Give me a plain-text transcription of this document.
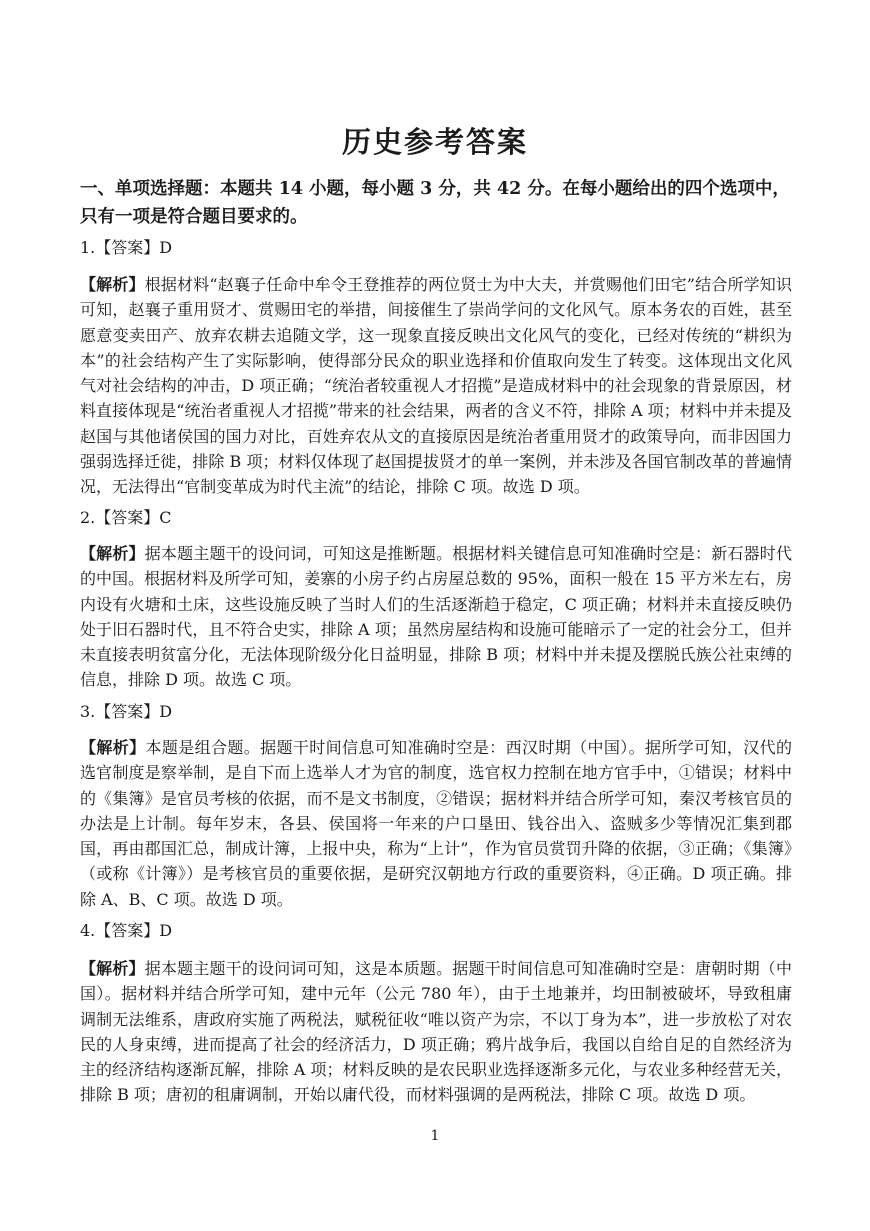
历史参考答案
一、单项选择题：本题共 14 小题，每小题 3 分，共 42 分。在每小题给出的四个选项中，只有一项是符合题目要求的。
1.【答案】D
【解析】根据材料“赵襄子任命中牟令王登推荐的两位贤士为中大夫，并赏赐他们田宅”结合所学知识可知，赵襄子重用贤才、赏赐田宅的举措，间接催生了崇尚学问的文化风气。原本务农的百姓，甚至愿意变卖田产、放弃农耕去追随文学，这一现象直接反映出文化风气的变化，已经对传统的“耕织为本”的社会结构产生了实际影响，使得部分民众的职业选择和价值取向发生了转变。这体现出文化风气对社会结构的冲击，D 项正确；“统治者较重视人才招揽”是造成材料中的社会现象的背景原因，材料直接体现是“统治者重视人才招揽”带来的社会结果，两者的含义不符，排除 A 项；材料中并未提及赵国与其他诸侯国的国力对比，百姓弃农从文的直接原因是统治者重用贤才的政策导向，而非因国力强弱选择迁徙，排除 B 项；材料仅体现了赵国提拔贤才的单一案例，并未涉及各国官制改革的普遍情况，无法得出“官制变革成为时代主流”的结论，排除 C 项。故选 D 项。
2.【答案】C
【解析】据本题主题干的设问词，可知这是推断题。根据材料关键信息可知准确时空是：新石器时代的中国。根据材料及所学可知，姜寨的小房子约占房屋总数的 95%，面积一般在 15 平方米左右，房内设有火塘和土床，这些设施反映了当时人们的生活逐渐趋于稳定，C 项正确；材料并未直接反映仍处于旧石器时代，且不符合史实，排除 A 项；虽然房屋结构和设施可能暗示了一定的社会分工，但并未直接表明贫富分化，无法体现阶级分化日益明显，排除 B 项；材料中并未提及摆脱氏族公社束缚的信息，排除 D 项。故选 C 项。
3.【答案】D
【解析】本题是组合题。据题干时间信息可知准确时空是：西汉时期（中国）。据所学可知，汉代的选官制度是察举制，是自下而上选举人才为官的制度，选官权力控制在地方官手中，①错误；材料中的《集簿》是官员考核的依据，而不是文书制度，②错误；据材料并结合所学可知，秦汉考核官员的办法是上计制。每年岁末，各县、侯国将一年来的户口垦田、钱谷出入、盗贼多少等情况汇集到郡国，再由郡国汇总，制成计簿，上报中央，称为“上计”，作为官员赏罚升降的依据，③正确；《集簿》（或称《计簿》）是考核官员的重要依据，是研究汉朝地方行政的重要资料，④正确。D 项正确。排除 A、B、C 项。故选 D 项。
4.【答案】D
【解析】据本题主题干的设问词可知，这是本质题。据题干时间信息可知准确时空是：唐朝时期（中国）。据材料并结合所学可知，建中元年（公元 780 年），由于土地兼并，均田制被破坏，导致租庸调制无法维系，唐政府实施了两税法，赋税征收“唯以资产为宗，不以丁身为本”，进一步放松了对农民的人身束缚，进而提高了社会的经济活力，D 项正确；鸦片战争后，我国以自给自足的自然经济为主的经济结构逐渐瓦解，排除 A 项；材料反映的是农民职业选择逐渐多元化，与农业多种经营无关，排除 B 项；唐初的租庸调制，开始以庸代役，而材料强调的是两税法，排除 C 项。故选 D 项。
1
